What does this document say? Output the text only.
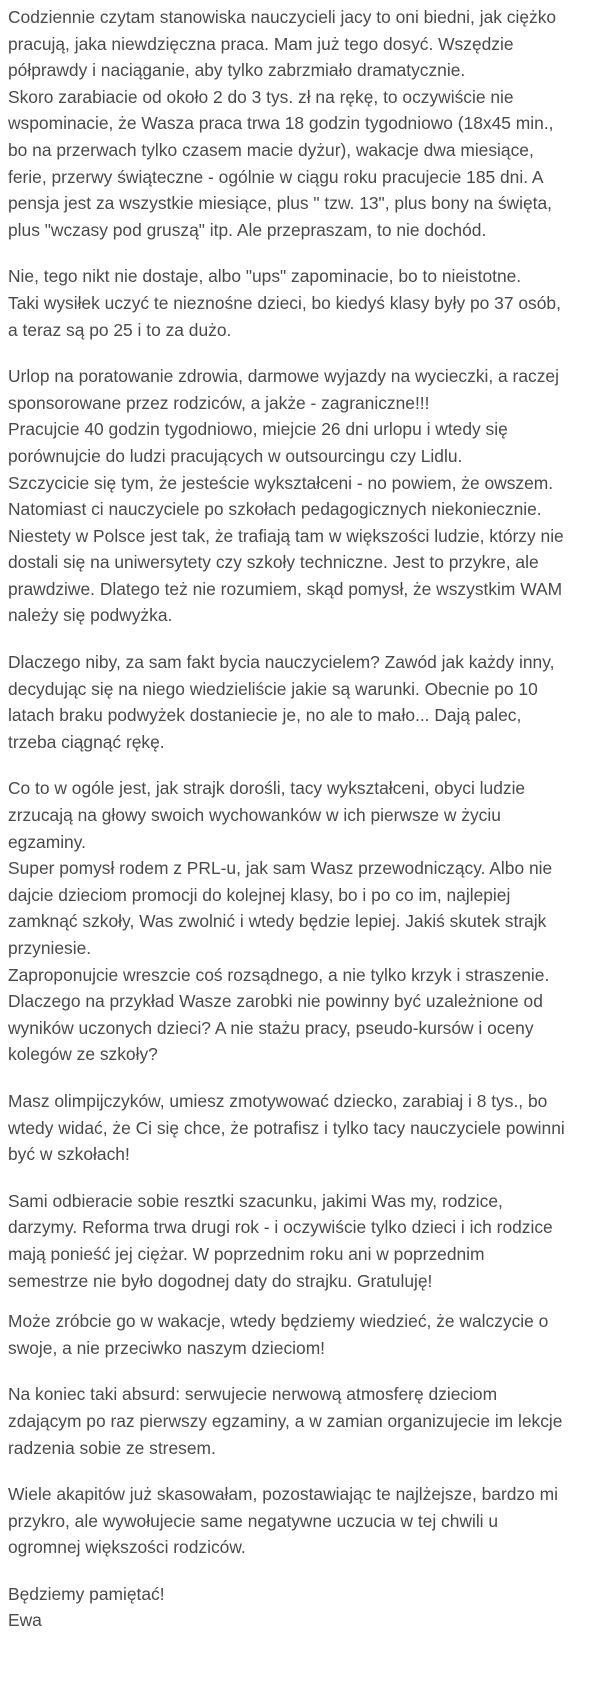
Codziennie czytam stanowiska nauczycieli jacy to oni biedni, jak ciężko
pracują, jaka niewdzięczna praca. Mam już tego dosyć. Wszędzie
półprawdy i naciąganie, aby tylko zabrzmiało dramatycznie.
Skoro zarabiacie od około 2 do 3 tys. zł na rękę, to oczywiście nie
wspominacie, że Wasza praca trwa 18 godzin tygodniowo (18x45 min.,
bo na przerwach tylko czasem macie dyżur), wakacje dwa miesiące,
ferie, przerwy świąteczne - ogólnie w ciągu roku pracujecie 185 dni. A
pensja jest za wszystkie miesiące, plus " tzw. 13", plus bony na święta,
plus "wczasy pod gruszą" itp. Ale przepraszam, to nie dochód.
Nie, tego nikt nie dostaje, albo "ups" zapominacie, bo to nieistotne.
Taki wysiłek uczyć te nieznośne dzieci, bo kiedyś klasy były po 37 osób,
a teraz są po 25 i to za dużo.
Urlop na poratowanie zdrowia, darmowe wyjazdy na wycieczki, a raczej
sponsorowane przez rodziców, a jakże - zagraniczne!!!
Pracujcie 40 godzin tygodniowo, miejcie 26 dni urlopu i wtedy się
porównujcie do ludzi pracujących w outsourcingu czy Lidlu.
Szczycicie się tym, że jesteście wykształceni - no powiem, że owszem.
Natomiast ci nauczyciele po szkołach pedagogicznych niekoniecznie.
Niestety w Polsce jest tak, że trafiają tam w większości ludzie, którzy nie
dostali się na uniwersytety czy szkoły techniczne. Jest to przykre, ale
prawdziwe. Dlatego też nie rozumiem, skąd pomysł, że wszystkim WAM
należy się podwyżka.
Dlaczego niby, za sam fakt bycia nauczycielem? Zawód jak każdy inny,
decydując się na niego wiedzieliście jakie są warunki. Obecnie po 10
latach braku podwyżek dostaniecie je, no ale to mało... Dają palec,
trzeba ciągnąć rękę.
Co to w ogóle jest, jak strajk dorośli, tacy wykształceni, obyci ludzie
zrzucają na głowy swoich wychowanków w ich pierwsze w życiu
egzaminy.
Super pomysł rodem z PRL-u, jak sam Wasz przewodniczący. Albo nie
dajcie dzieciom promocji do kolejnej klasy, bo i po co im, najlepiej
zamknąć szkoły, Was zwolnić i wtedy będzie lepiej. Jakiś skutek strajk
przyniesie.
Zaproponujcie wreszcie coś rozsądnego, a nie tylko krzyk i straszenie.
Dlaczego na przykład Wasze zarobki nie powinny być uzależnione od
wyników uczonych dzieci? A nie stażu pracy, pseudo-kursów i oceny
kolegów ze szkoły?
Masz olimpijczyków, umiesz zmotywować dziecko, zarabiaj i 8 tys., bo
wtedy widać, że Ci się chce, że potrafisz i tylko tacy nauczyciele powinni
być w szkołach!
Sami odbieracie sobie resztki szacunku, jakimi Was my, rodzice,
darzymy. Reforma trwa drugi rok - i oczywiście tylko dzieci i ich rodzice
mają ponieść jej ciężar. W poprzednim roku ani w poprzednim
semestrze nie było dogodnej daty do strajku. Gratuluję!
Może zróbcie go w wakacje, wtedy będziemy wiedzieć, że walczycie o
swoje, a nie przeciwko naszym dzieciom!
Na koniec taki absurd: serwujecie nerwową atmosferę dzieciom
zdającym po raz pierwszy egzaminy, a w zamian organizujecie im lekcje
radzenia sobie ze stresem.
Wiele akapitów już skasowałam, pozostawiając te najlżejsze, bardzo mi
przykro, ale wywołujecie same negatywne uczucia w tej chwili u
ogromnej większości rodziców.
Będziemy pamiętać!
Ewa
